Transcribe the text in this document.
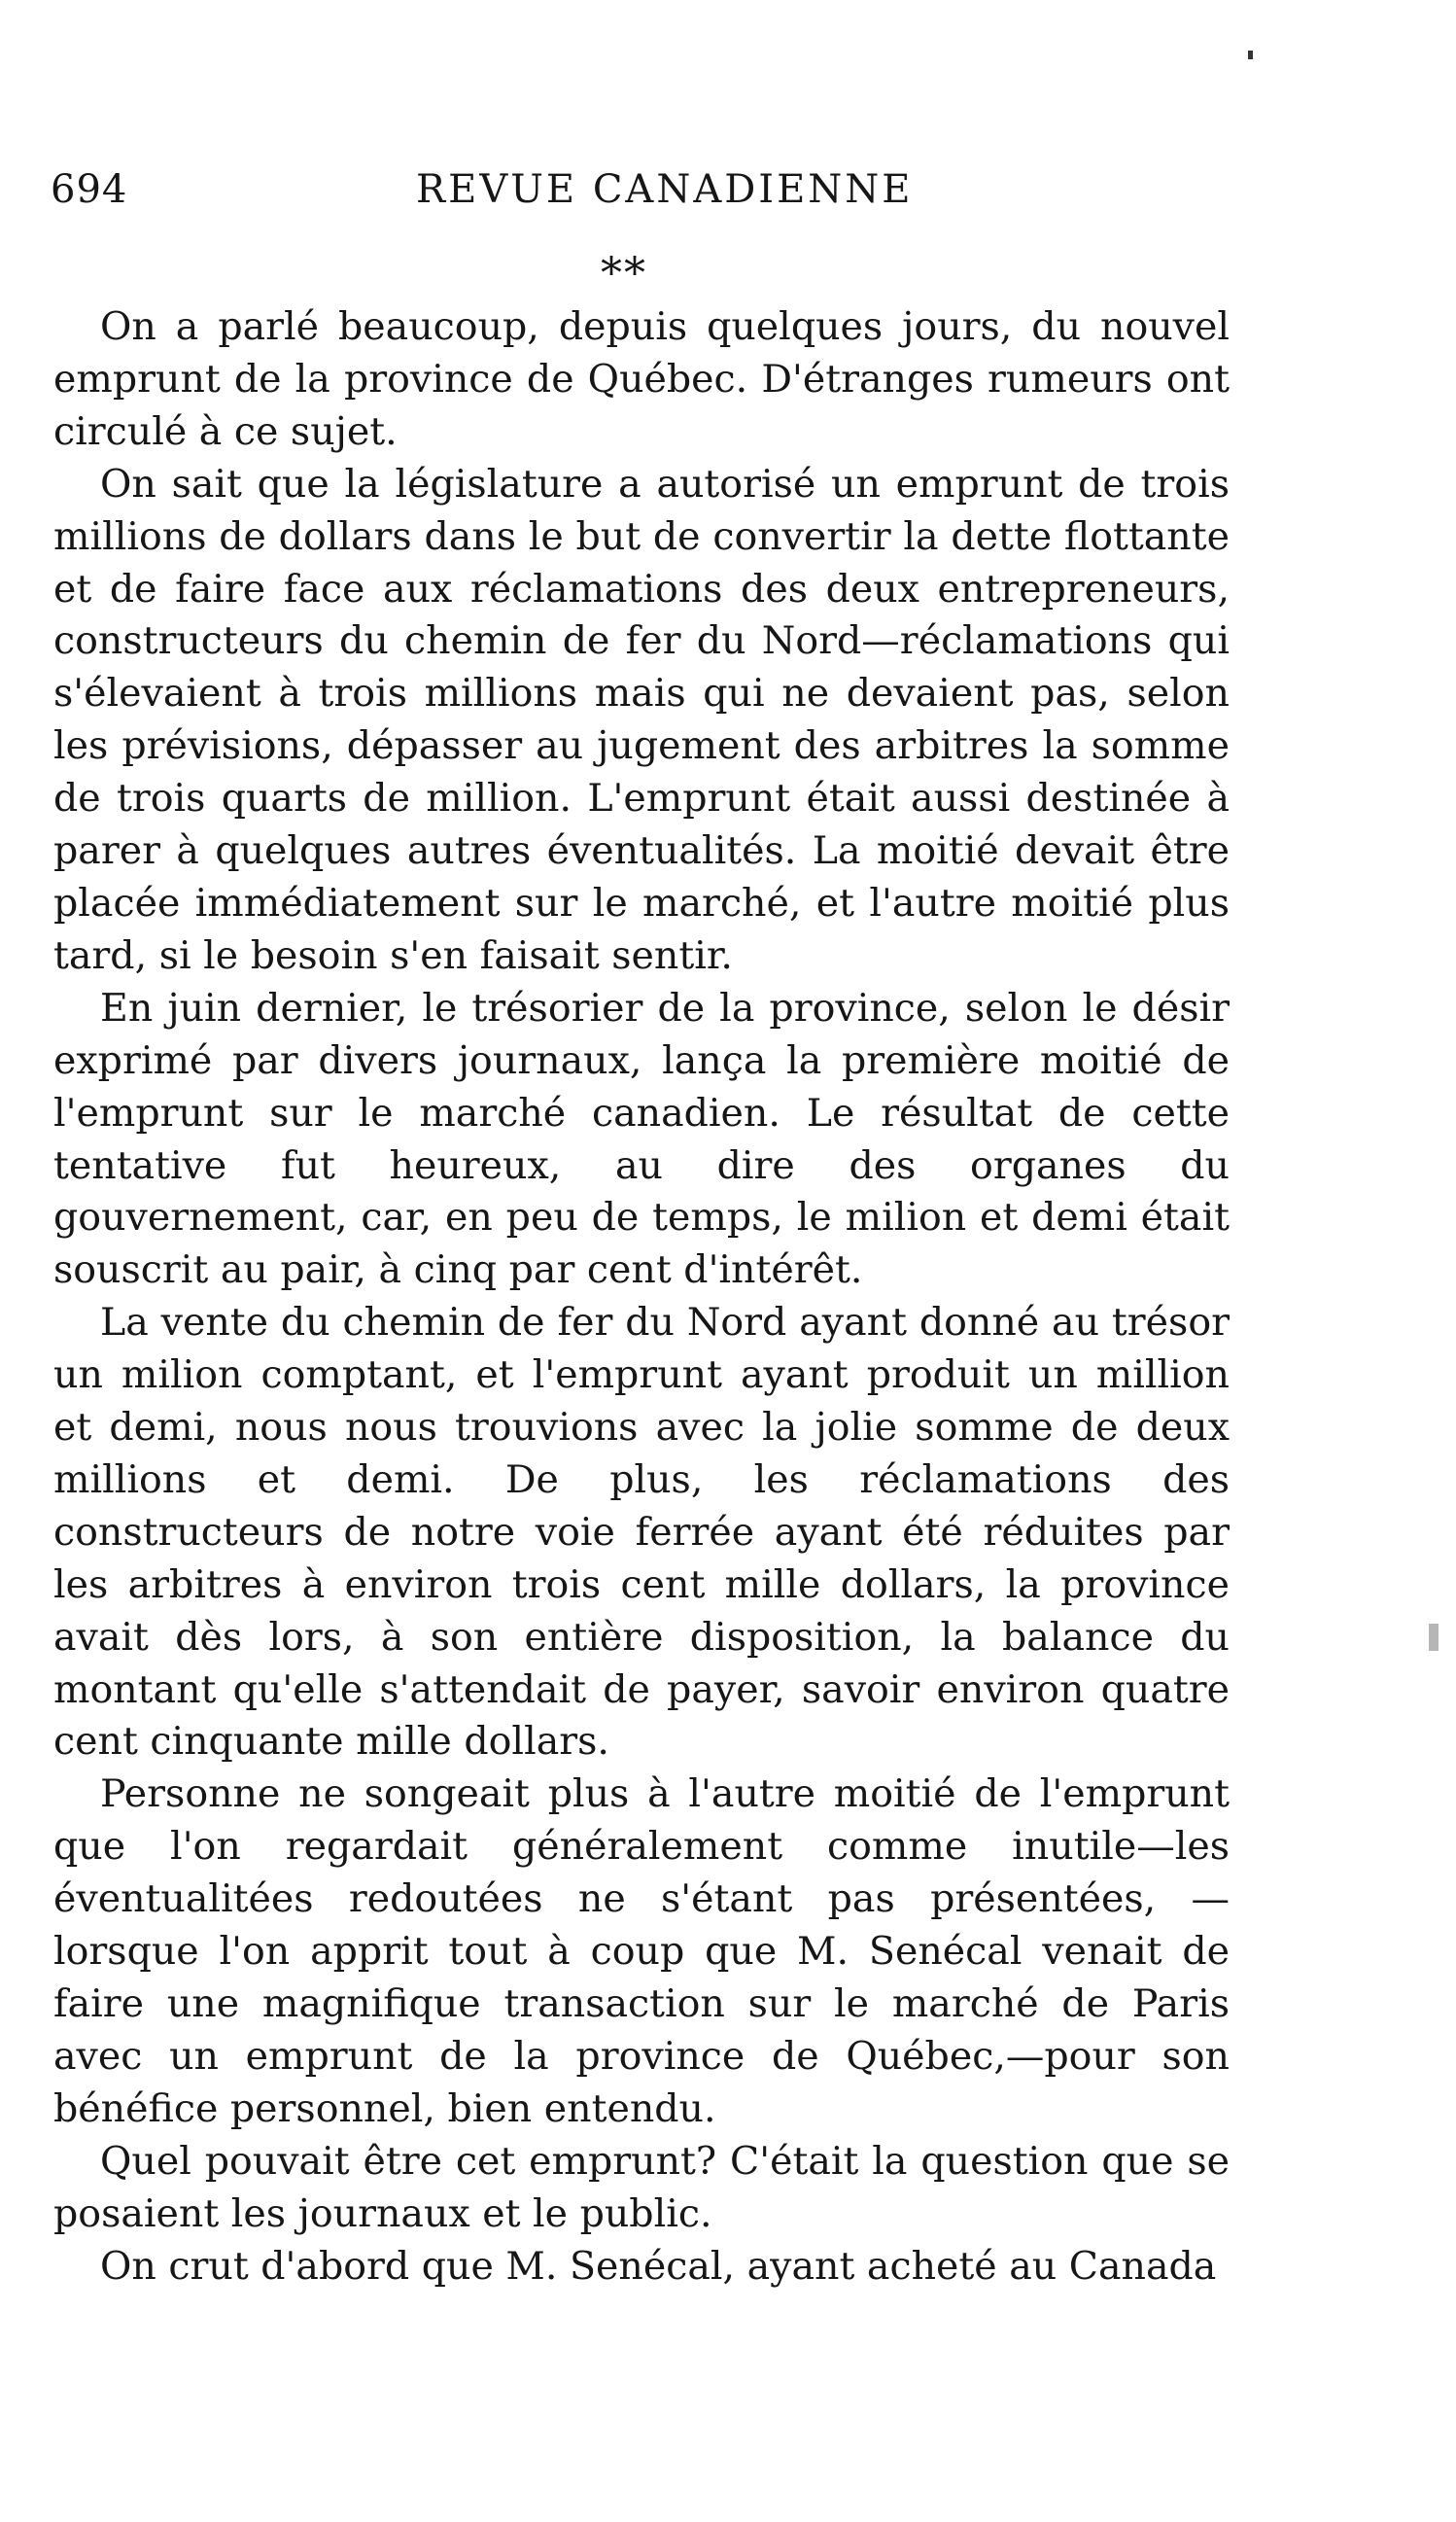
694	REVUE CANADIENNE
**

On a parlé beaucoup, depuis quelques jours, du nouvel emprunt de la province de Québec. D'étranges rumeurs ont circulé à ce sujet.

On sait que la législature a autorisé un emprunt de trois millions de dollars dans le but de convertir la dette flottante et de faire face aux réclamations des deux entrepreneurs, constructeurs du chemin de fer du Nord—réclamations qui s'élevaient à trois millions mais qui ne devaient pas, selon les prévisions, dépasser au jugement des arbitres la somme de trois quarts de million. L'emprunt était aussi destinée à parer à quelques autres éventualités. La moitié devait être placée immédiatement sur le marché, et l'autre moitié plus tard, si le besoin s'en faisait sentir.

En juin dernier, le trésorier de la province, selon le désir exprimé par divers journaux, lança la première moitié de l'emprunt sur le marché canadien. Le résultat de cette tentative fut heureux, au dire des organes du gouvernement, car, en peu de temps, le milion et demi était souscrit au pair, à cinq par cent d'intérêt.

La vente du chemin de fer du Nord ayant donné au trésor un milion comptant, et l'emprunt ayant produit un million et demi, nous nous trouvions avec la jolie somme de deux millions et demi. De plus, les réclamations des constructeurs de notre voie ferrée ayant été réduites par les arbitres à environ trois cent mille dollars, la province avait dès lors, à son entière disposition, la balance du montant qu'elle s'attendait de payer, savoir environ quatre cent cinquante mille dollars.

Personne ne songeait plus à l'autre moitié de l'emprunt que l'on regardait généralement comme inutile—les éventualitées redoutées ne s'étant pas présentées, — lorsque l'on apprit tout à coup que M. Senécal venait de faire une magnifique transaction sur le marché de Paris avec un emprunt de la province de Québec,—pour son bénéfice personnel, bien entendu.

Quel pouvait être cet emprunt? C'était la question que se posaient les journaux et le public.

On crut d'abord que M. Senécal, ayant acheté au Canada
